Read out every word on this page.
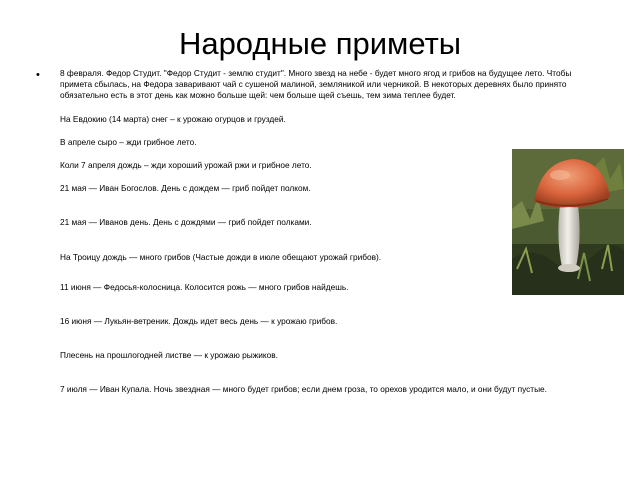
Народные приметы
• 8 февраля. Федор Студит. "Федор Студит - землю студит". Много звезд на небе - будет много ягод и грибов на будущее лето. Чтобы примета сбылась, на Федора заваривают чай с сушеной малиной, земляникой или черникой. В некоторых деревнях было принято обязательно есть в этот день как можно больше щей: чем больше щей съешь, тем зима теплее будет.

На Евдокию (14 марта) снег – к урожаю огурцов и груздей.

В апреле сыро – жди грибное лето.

Коли 7 апреля дождь – жди хороший урожай ржи и грибное лето.

21 мая — Иван Богослов. День с дождем — гриб пойдет полком.

21 мая — Иванов день. День с дождями — гриб пойдет полками.

На Троицу дождь — много грибов (Частые дожди в июле обещают урожай грибов).

11 июня — Федосья-колосница. Колосится рожь — много грибов найдешь.

16 июня — Лукьян-ветреник. Дождь идет весь день — к урожаю грибов.

Плесень на прошлогодней листве — к урожаю рыжиков.

7 июля — Иван Купала. Ночь звездная — много будет грибов; если днем гроза, то орехов уродится мало, и они будут пустые.
